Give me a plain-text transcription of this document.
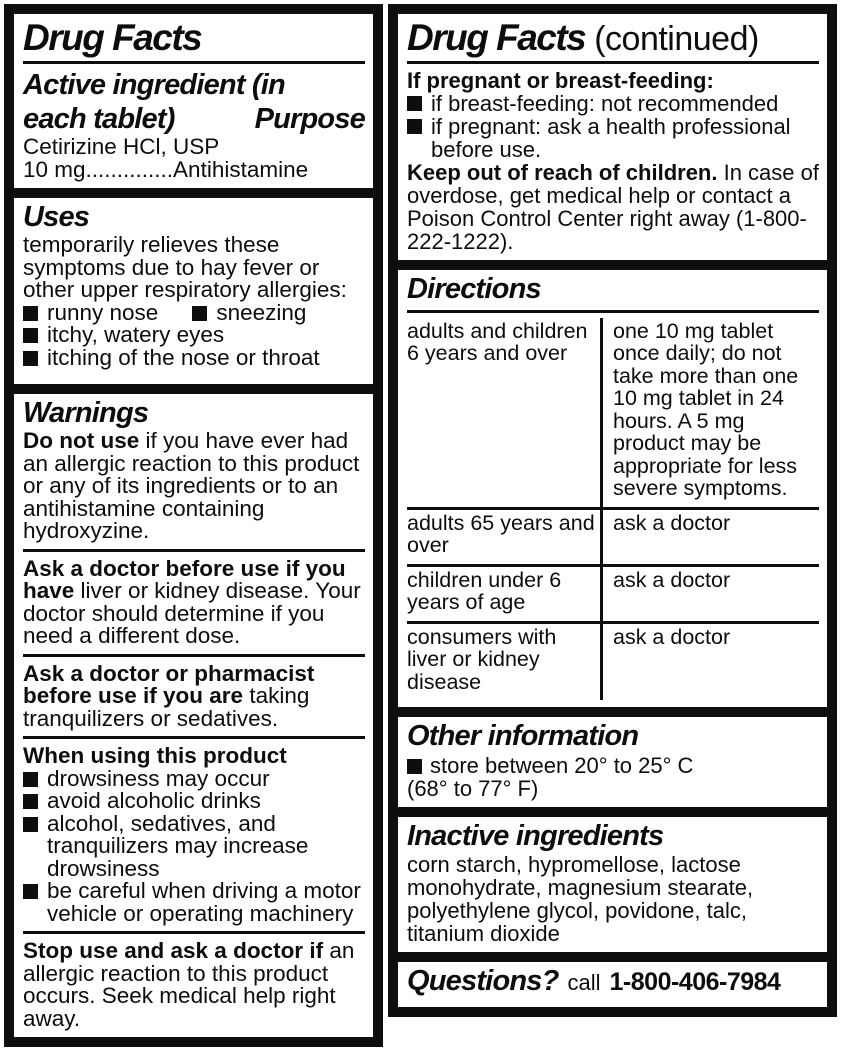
Drug Facts
Active ingredient (in
each tablet)	Purpose

Cetirizine HCl, USP

10 mg..............Antihistamine

Uses

temporarily relieves these symptoms due to hay fever or other upper respiratory allergies:

runny nose	sneezing
itchy, watery eyes
itching of the nose or throat
Warnings

Do not use if you have ever had an allergic reaction to this product or any of its ingredients or to an antihistamine containing hydroxyzine.

Ask a doctor before use if you have liver or kidney disease. Your doctor should determine if you need a different dose.

Ask a doctor or pharmacist before use if you are taking tranquilizers or sedatives.

When using this product

drowsiness may occur
avoid alcoholic drinks
alcohol, sedatives, and tranquilizers may increase drowsiness
be careful when driving a motor vehicle or operating machinery

Stop use and ask a doctor if an allergic reaction to this product occurs. Seek medical help right away.

Drug Facts (continued)

If pregnant or breast-feeding:

if breast-feeding: not recommended
if pregnant: ask a health professional before use.

Keep out of reach of children. In case of overdose, get medical help or contact a Poison Control Center right away (1-800-222-1222).

Directions
adults and children 6 years and over
one 10 mg tablet once daily; do not take more than one 10 mg tablet in 24 hours. A 5 mg product may be appropriate for less severe symptoms.
adults 65 years and over
ask a doctor
children under 6 years of age
ask a doctor
consumers with liver or kidney disease
ask a doctor
Other information

store between 20° to 25° C
(68° to 77° F)

Inactive ingredients

corn starch, hypromellose, lactose monohydrate, magnesium stearate, polyethylene glycol, povidone, talc, titanium dioxide

Questions? call 1-800-406-7984
